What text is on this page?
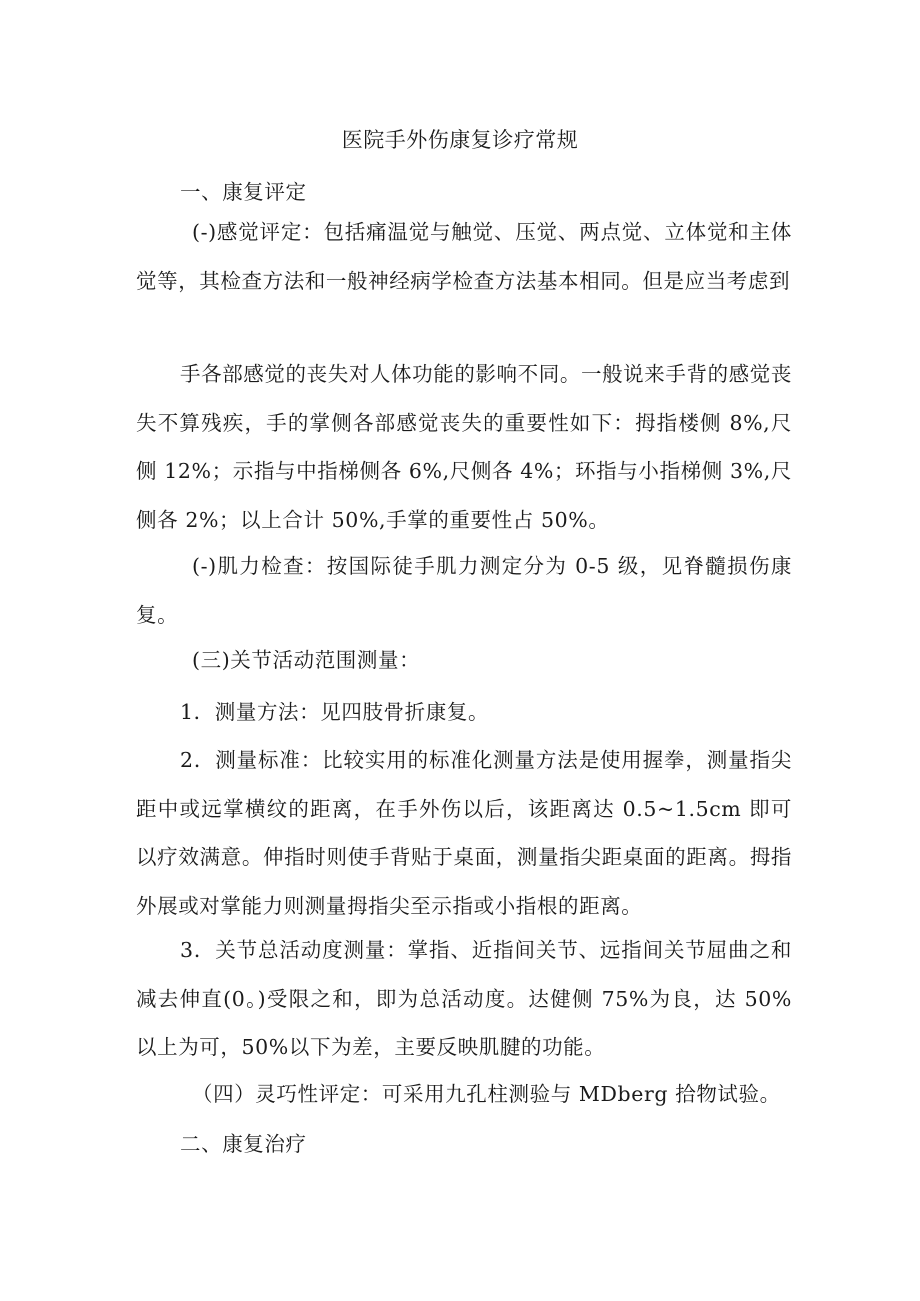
医院手外伤康复诊疗常规

一、康复评定

(-)感觉评定：包括痛温觉与触觉、压觉、两点觉、立体觉和主体觉等，其检查方法和一般神经病学检查方法基本相同。但是应当考虑到

手各部感觉的丧失对人体功能的影响不同。一般说来手背的感觉丧失不算残疾，手的掌侧各部感觉丧失的重要性如下：拇指楼侧 8%,尺侧 12%；示指与中指梯侧各 6%,尺侧各 4%；环指与小指梯侧 3%,尺侧各 2%；以上合计 50%,手掌的重要性占 50%。

(-)肌力检查：按国际徒手肌力测定分为 0-5 级，见脊髓损伤康复。

(三)关节活动范围测量：

1．测量方法：见四肢骨折康复。

2．测量标准：比较实用的标准化测量方法是使用握拳，测量指尖距中或远掌横纹的距离，在手外伤以后，该距离达 0.5~1.5cm 即可以疗效满意。伸指时则使手背贴于桌面，测量指尖距桌面的距离。拇指外展或对掌能力则测量拇指尖至示指或小指根的距离。

3．关节总活动度测量：掌指、近指间关节、远指间关节屈曲之和减去伸直(0。)受限之和，即为总活动度。达健侧 75%为良，达 50%以上为可，50%以下为差，主要反映肌腱的功能。

（四）灵巧性评定：可采用九孔柱测验与 MDberg 拾物试验。

二、康复治疗
